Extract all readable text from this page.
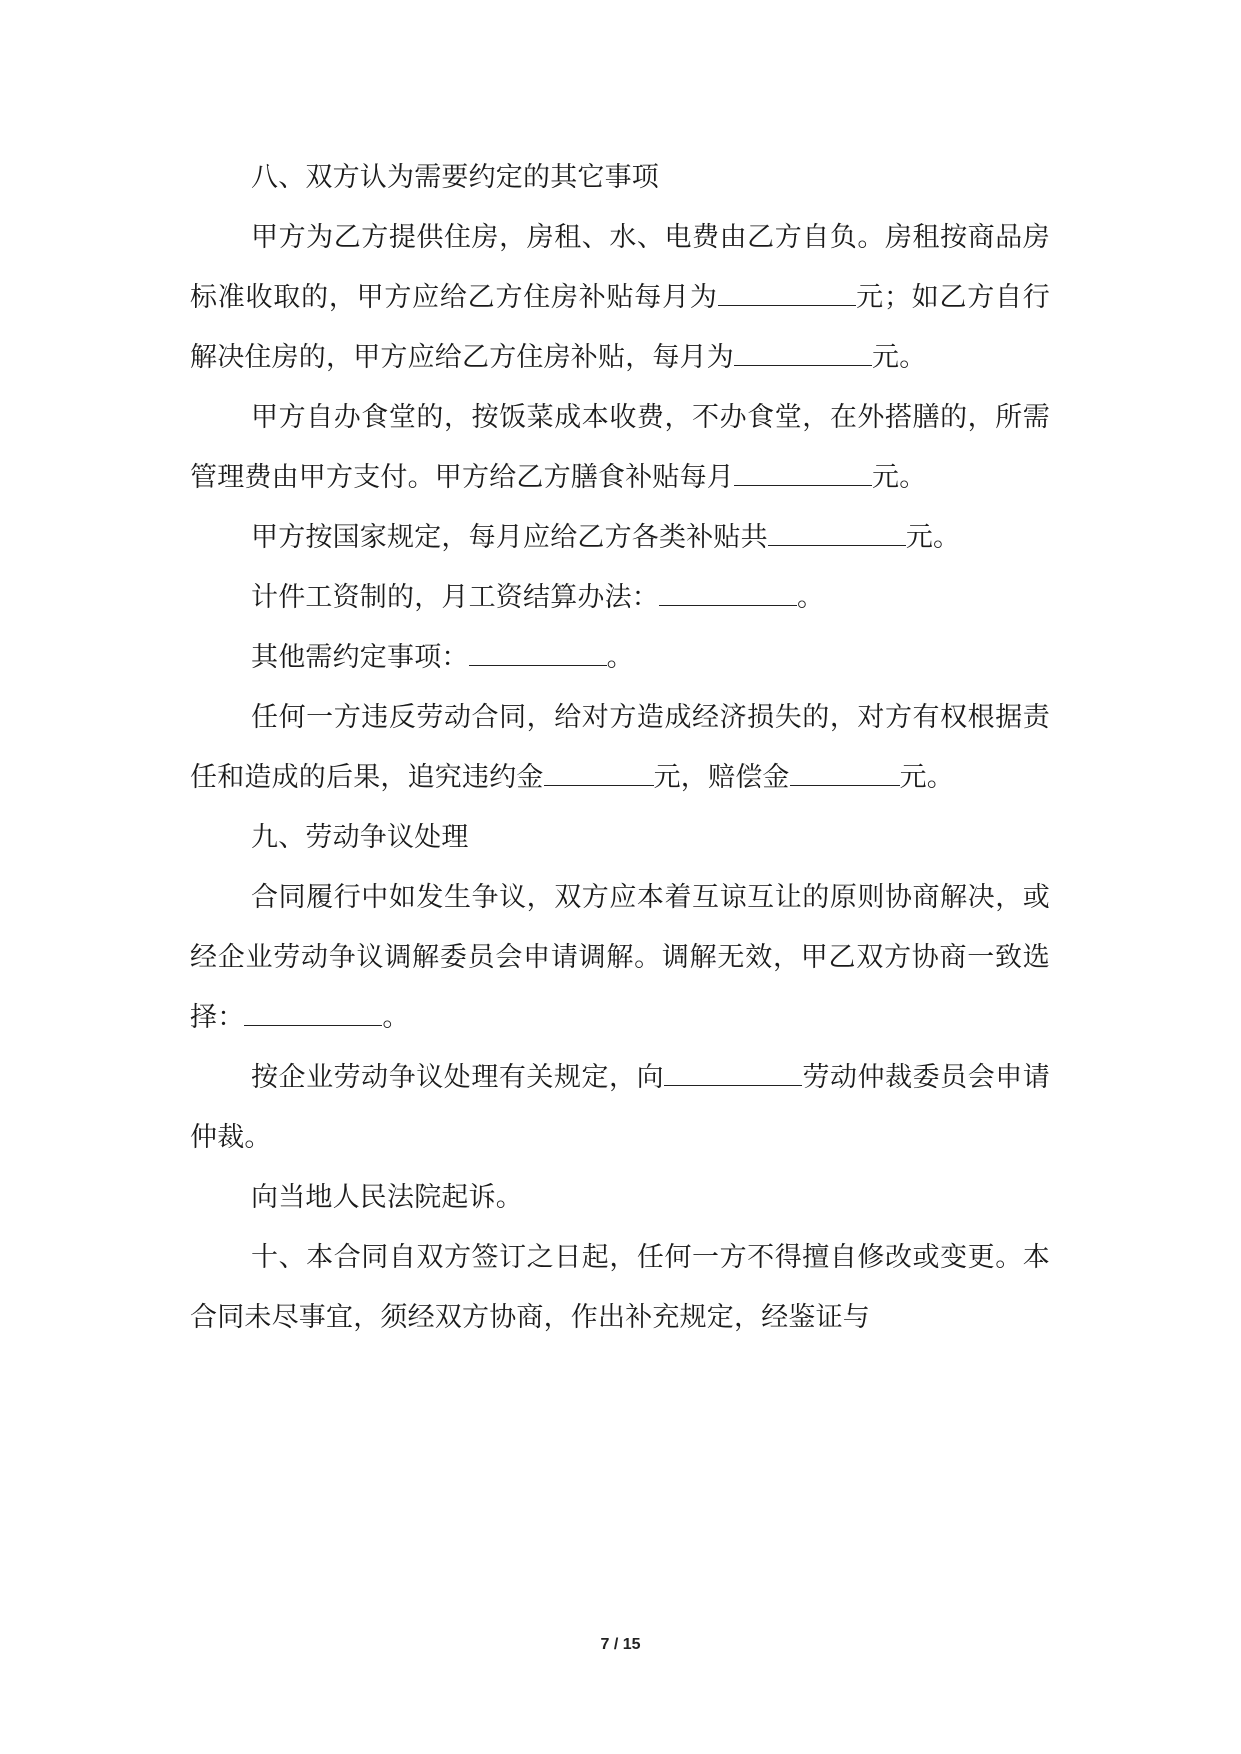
八、双方认为需要约定的其它事项

甲方为乙方提供住房，房租、水、电费由乙方自负。房租按商品房标准收取的，甲方应给乙方住房补贴每月为	元；如乙方自行解决住房的，甲方应给乙方住房补贴，每月为	元。

甲方自办食堂的，按饭菜成本收费，不办食堂，在外搭膳的，所需管理费由甲方支付。甲方给乙方膳食补贴每月	元。

甲方按国家规定，每月应给乙方各类补贴共	元。

计件工资制的，月工资结算办法：	。

其他需约定事项：	。

任何一方违反劳动合同，给对方造成经济损失的，对方有权根据责任和造成的后果，追究违约金	元，赔偿金	元。

九、劳动争议处理

合同履行中如发生争议，双方应本着互谅互让的原则协商解决，或经企业劳动争议调解委员会申请调解。调解无效，甲乙双方协商一致选择：	。

按企业劳动争议处理有关规定，向	劳动仲裁委员会申请仲裁。

向当地人民法院起诉。

十、本合同自双方签订之日起，任何一方不得擅自修改或变更。本合同未尽事宜，须经双方协商，作出补充规定，经鉴证与

7 / 15
